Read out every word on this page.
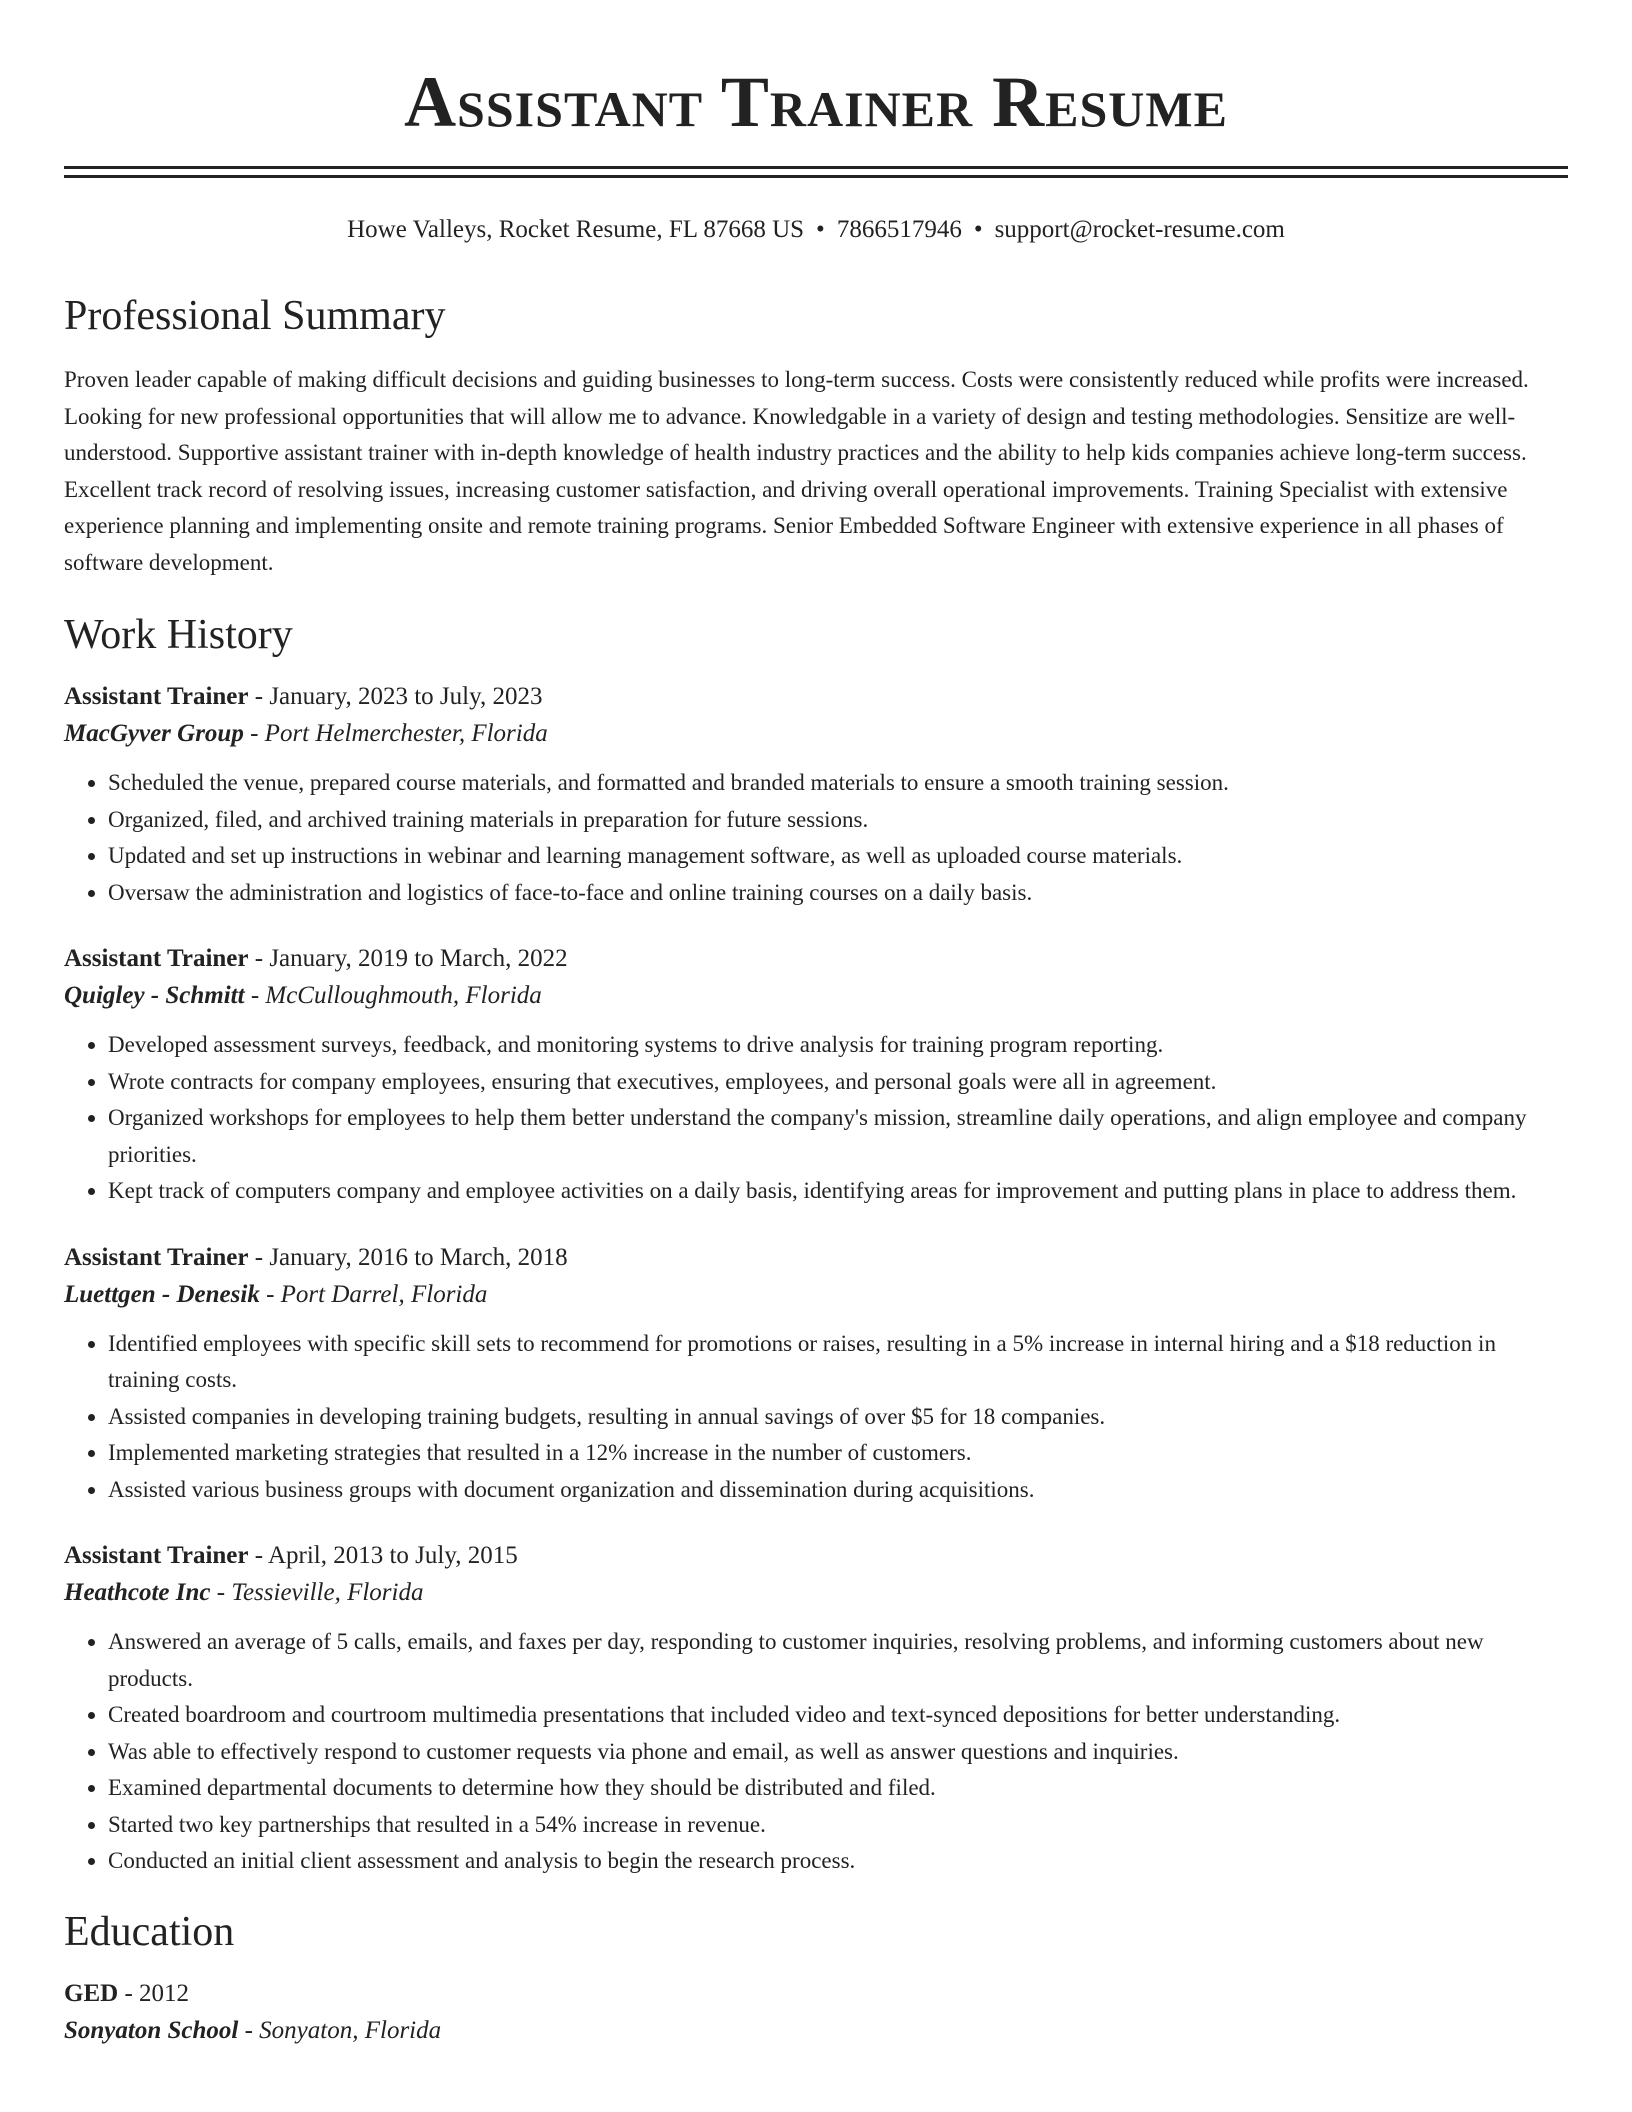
Assistant Trainer Resume
Howe Valleys, Rocket Resume, FL 87668 US • 7866517946 • support@rocket-resume.com
Professional Summary

Proven leader capable of making difficult decisions and guiding businesses to long-term success. Costs were consistently reduced while profits were increased. Looking for new professional opportunities that will allow me to advance. Knowledgable in a variety of design and testing methodologies. Sensitize are well-understood. Supportive assistant trainer with in-depth knowledge of health industry practices and the ability to help kids companies achieve long-term success. Excellent track record of resolving issues, increasing customer satisfaction, and driving overall operational improvements. Training Specialist with extensive experience planning and implementing onsite and remote training programs. Senior Embedded Software Engineer with extensive experience in all phases of software development.

Work History
Assistant Trainer - January, 2023 to July, 2023
MacGyver Group - Port Helmerchester, Florida
• Scheduled the venue, prepared course materials, and formatted and branded materials to ensure a smooth training session.
• Organized, filed, and archived training materials in preparation for future sessions.
• Updated and set up instructions in webinar and learning management software, as well as uploaded course materials.
• Oversaw the administration and logistics of face-to-face and online training courses on a daily basis.
Assistant Trainer - January, 2019 to March, 2022
Quigley - Schmitt - McCulloughmouth, Florida
• Developed assessment surveys, feedback, and monitoring systems to drive analysis for training program reporting.
• Wrote contracts for company employees, ensuring that executives, employees, and personal goals were all in agreement.
• Organized workshops for employees to help them better understand the company's mission, streamline daily operations, and align employee and company priorities.
• Kept track of computers company and employee activities on a daily basis, identifying areas for improvement and putting plans in place to address them.
Assistant Trainer - January, 2016 to March, 2018
Luettgen - Denesik - Port Darrel, Florida
• Identified employees with specific skill sets to recommend for promotions or raises, resulting in a 5% increase in internal hiring and a $18 reduction in training costs.
• Assisted companies in developing training budgets, resulting in annual savings of over $5 for 18 companies.
• Implemented marketing strategies that resulted in a 12% increase in the number of customers.
• Assisted various business groups with document organization and dissemination during acquisitions.
Assistant Trainer - April, 2013 to July, 2015
Heathcote Inc - Tessieville, Florida
• Answered an average of 5 calls, emails, and faxes per day, responding to customer inquiries, resolving problems, and informing customers about new products.
• Created boardroom and courtroom multimedia presentations that included video and text-synced depositions for better understanding.
• Was able to effectively respond to customer requests via phone and email, as well as answer questions and inquiries.
• Examined departmental documents to determine how they should be distributed and filed.
• Started two key partnerships that resulted in a 54% increase in revenue.
• Conducted an initial client assessment and analysis to begin the research process.
Education
GED - 2012
Sonyaton School - Sonyaton, Florida
